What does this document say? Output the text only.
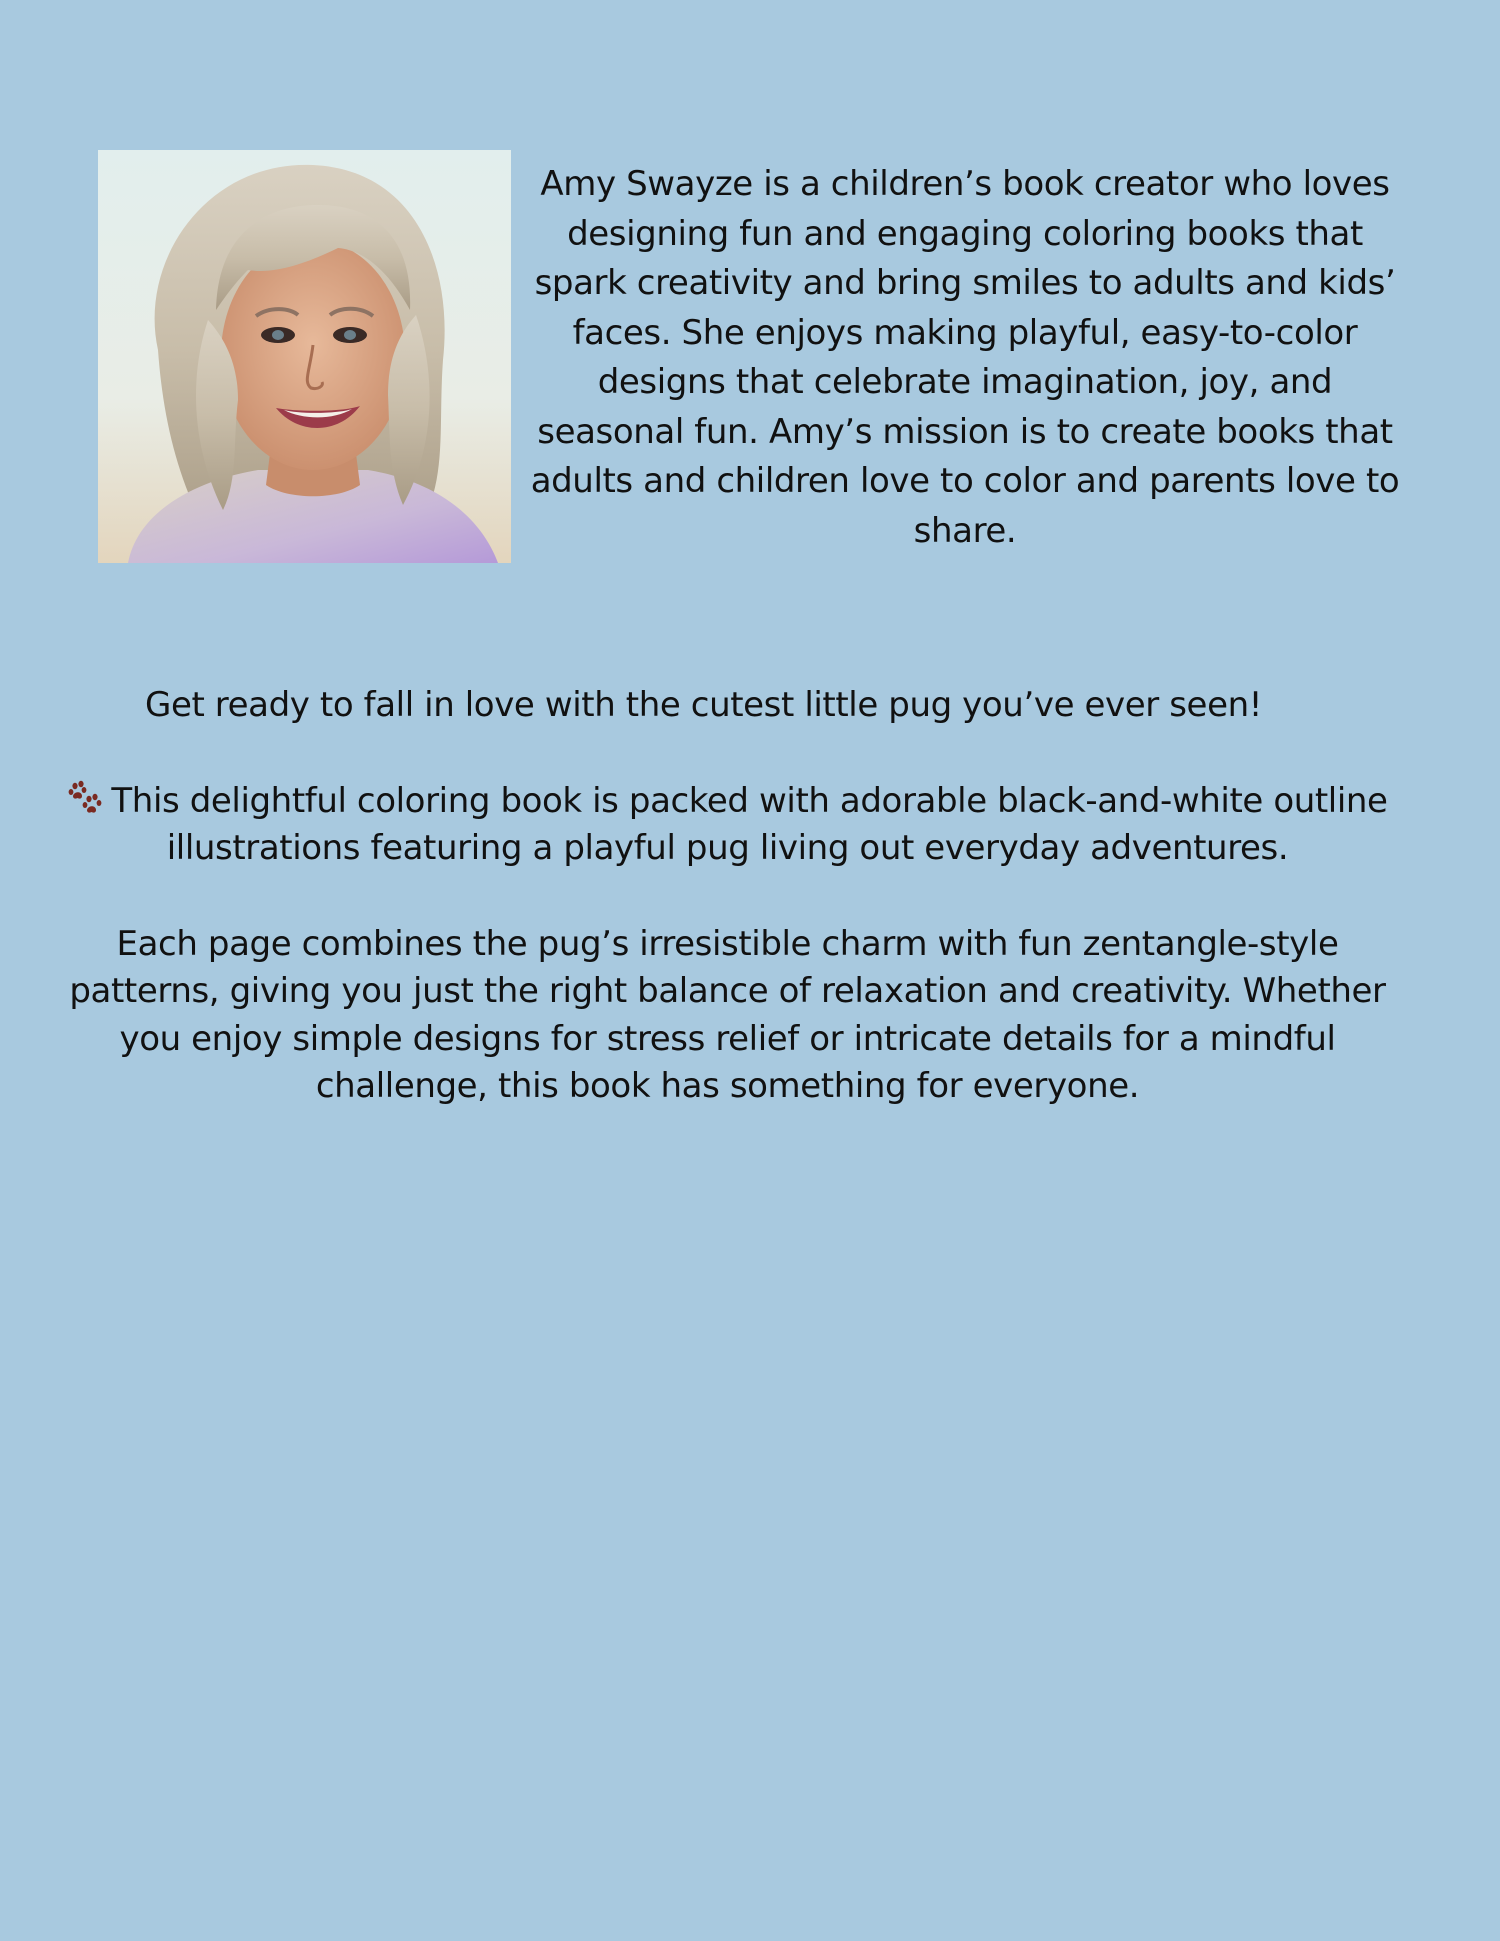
Amy Swayze is a children’s book creator who loves designing fun and engaging coloring books that spark creativity and bring smiles to adults and kids’ faces. She enjoys making playful, easy-to-color designs that celebrate imagination, joy, and seasonal fun. Amy’s mission is to create books that adults and children love to color and parents love to share.

Get ready to fall in love with the cutest little pug you’ve ever seen!

This delightful coloring book is packed with adorable black-and-white outline illustrations featuring a playful pug living out everyday adventures.

Each page combines the pug’s irresistible charm with fun zentangle-style patterns, giving you just the right balance of relaxation and creativity. Whether you enjoy simple designs for stress relief or intricate details for a mindful challenge, this book has something for everyone.
